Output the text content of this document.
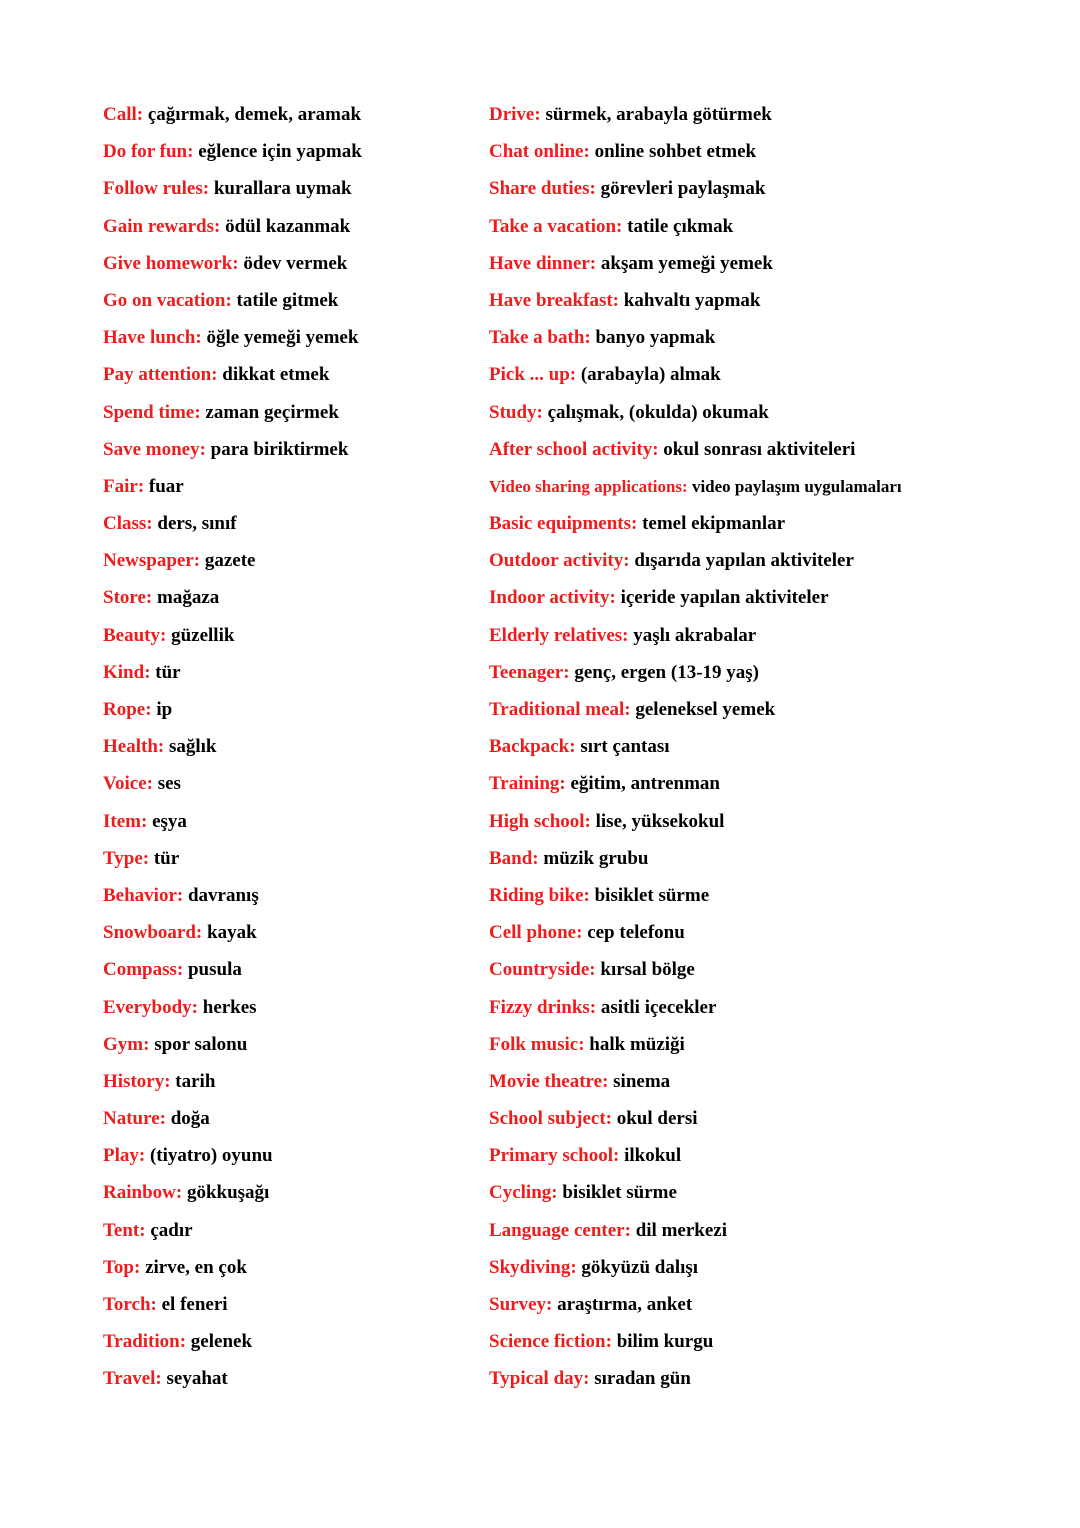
Call: çağırmak, demek, aramak
Do for fun: eğlence için yapmak
Follow rules: kurallara uymak
Gain rewards: ödül kazanmak
Give homework: ödev vermek
Go on vacation: tatile gitmek
Have lunch: öğle yemeği yemek
Pay attention: dikkat etmek
Spend time: zaman geçirmek
Save money: para biriktirmek
Fair: fuar
Class: ders, sınıf
Newspaper: gazete
Store: mağaza
Beauty: güzellik
Kind: tür
Rope: ip
Health: sağlık
Voice: ses
Item: eşya
Type: tür
Behavior: davranış
Snowboard: kayak
Compass: pusula
Everybody: herkes
Gym: spor salonu
History: tarih
Nature: doğa
Play: (tiyatro) oyunu
Rainbow: gökkuşağı
Tent: çadır
Top: zirve, en çok
Torch: el feneri
Tradition: gelenek
Travel: seyahat
Drive: sürmek, arabayla götürmek
Chat online: online sohbet etmek
Share duties: görevleri paylaşmak
Take a vacation: tatile çıkmak
Have dinner: akşam yemeği yemek
Have breakfast: kahvaltı yapmak
Take a bath: banyo yapmak
Pick ... up: (arabayla) almak
Study: çalışmak, (okulda) okumak
After school activity: okul sonrası aktiviteleri
Video sharing applications: video paylaşım uygulamaları
Basic equipments: temel ekipmanlar
Outdoor activity: dışarıda yapılan aktiviteler
Indoor activity: içeride yapılan aktiviteler
Elderly relatives: yaşlı akrabalar
Teenager: genç, ergen (13-19 yaş)
Traditional meal: geleneksel yemek
Backpack: sırt çantası
Training: eğitim, antrenman
High school: lise, yüksekokul
Band: müzik grubu
Riding bike: bisiklet sürme
Cell phone: cep telefonu
Countryside: kırsal bölge
Fizzy drinks: asitli içecekler
Folk music: halk müziği
Movie theatre: sinema
School subject: okul dersi
Primary school: ilkokul
Cycling: bisiklet sürme
Language center: dil merkezi
Skydiving: gökyüzü dalışı
Survey: araştırma, anket
Science fiction: bilim kurgu
Typical day: sıradan gün
